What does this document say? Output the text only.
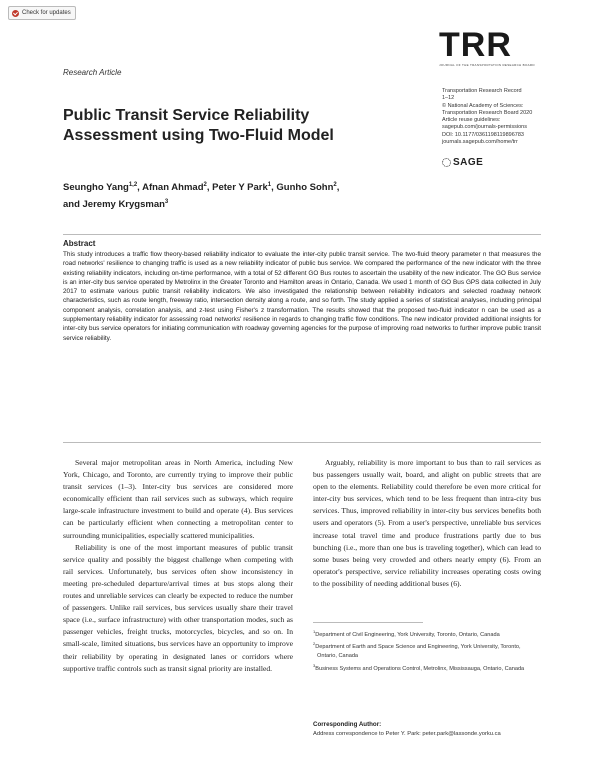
Check for updates
Research Article
TRR
JOURNAL OF THE TRANSPORTATION RESEARCH BOARD
Transportation Research Record
1–12
© National Academy of Sciences:
Transportation Research Board 2020
Article reuse guidelines:
sagepub.com/journals-permissions
DOI: 10.1177/0361198119896783
journals.sagepub.com/home/trr
SAGE
Public Transit Service Reliability Assessment using Two-Fluid Model
Seungho Yang$^{1,2}$, Afnan Ahmad$^2$, Peter Y Park$^1$, Gunho Sohn$^2$,
and Jeremy Krygsman$^3$
Abstract
This study introduces a traffic flow theory-based reliability indicator to evaluate the inter-city public transit service. The two-fluid theory parameter n that measures the road networks' resilience to changing traffic is used as a new reliability indicator of public bus service. We compared the performance of the new indicator with the three existing reliability indicators, including on-time performance, with a total of 52 different GO Bus routes to ascertain the usability of the new indicator. The GO Bus service is an inter-city bus service operated by Metrolinx in the Greater Toronto and Hamilton areas in Ontario, Canada. We used 1 month of GO Bus GPS data collected in July 2017 to estimate various public transit reliability indicators. We also investigated the relationship between reliability indicators and selected roadway network characteristics, such as route length, freeway ratio, intersection density along a route, and so forth. The study applied a series of statistical analyses, including principal component analysis, correlation analysis, and z-test using Fisher's z transformation. The results showed that the proposed two-fluid indicator n can be used as a supplementary reliability indicator for assessing road networks' resilience in regards to changing traffic flow conditions. The new indicator provided additional insights for inter-city bus service operators for initiating communication with roadway governing agencies for the purpose of improving road networks to further improve public transit service reliability.

Several major metropolitan areas in North America, including New York, Chicago, and Toronto, are currently trying to improve their public transit services (1–3). Inter-city bus services are considered more economically efficient than rail services such as subways, which require large-scale infrastructure investment to build and operate (4). Bus services can be particularly efficient when connecting a metropolitan center to surrounding municipalities, especially scattered municipalities.

Reliability is one of the most important measures of public transit service quality and possibly the biggest challenge when competing with rail services. Unfortunately, bus services often show inconsistency in meeting pre-scheduled departure/arrival times at bus stops along their routes and unreliable services can clearly be expected to reduce the number of passengers. Unlike rail services, bus services usually share their travel space (i.e., surface infrastructure) with other transportation modes, such as passenger vehicles, freight trucks, motorcycles, bicycles, and so on. In small-scale, limited situations, bus services have an opportunity to improve their reliability by operating in designated lanes or corridors where supportive traffic controls such as transit signal priority are installed.

Arguably, reliability is more important to bus than to rail services as bus passengers usually wait, board, and alight on public streets that are open to the elements. Reliability could therefore be even more critical for inter-city bus services, which tend to be less frequent than intra-city bus services. Thus, improved reliability in inter-city bus services benefits both users and operators (5). From a user's perspective, unreliable bus services increase total travel time and produce frustrations partly due to bus bunching (i.e., more than one bus is traveling together), which can lead to some buses being very crowded and others nearly empty (6). From an operator's perspective, service reliability increases operating costs owing to the possibility of needing additional buses (6).

$^1$Department of Civil Engineering, York University, Toronto, Ontario, Canada

$^2$Department of Earth and Space Science and Engineering, York University, Toronto, Ontario, Canada

$^3$Business Systems and Operations Control, Metrolinx, Mississauga, Ontario, Canada

Corresponding Author:
Address correspondence to Peter Y. Park: peter.park@lassonde.yorku.ca
